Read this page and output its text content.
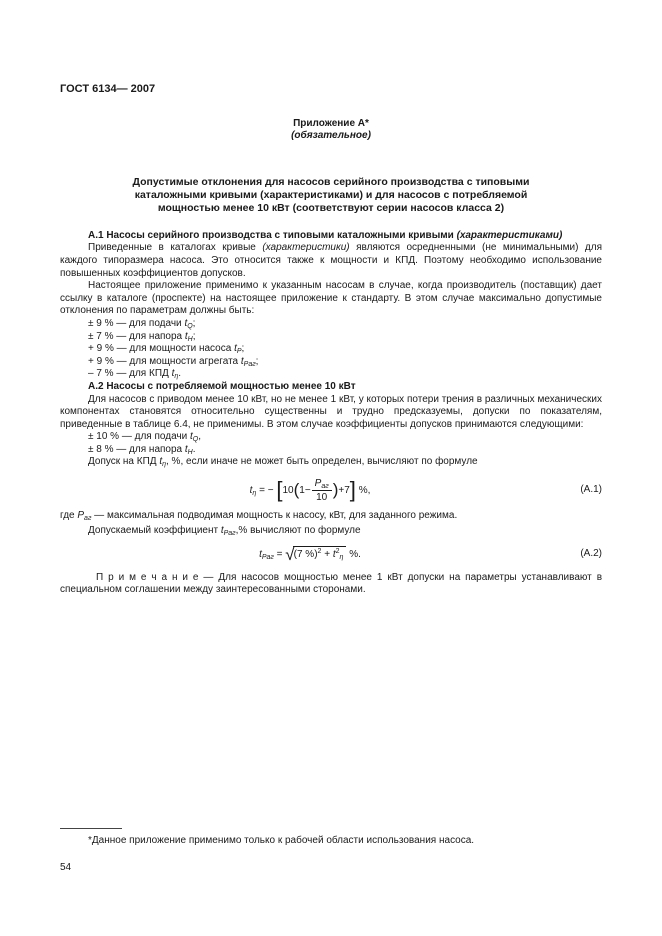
ГОСТ 6134— 2007
Приложение А*
(обязательное)
Допустимые отклонения для насосов серийного производства с типовыми
каталожными кривыми (характеристиками) и для насосов с потребляемой
мощностью менее 10 кВт (соответствуют серии насосов класса 2)
А.1 Насосы серийного производства с типовыми каталожными кривыми (характеристиками)

Приведенные в каталогах кривые (характеристики) являются осредненными (не минимальными) для каждого типоразмера насоса. Это относится также к мощности и КПД. Поэтому необходимо использование повышенных коэффициентов допусков.

Настоящее приложение применимо к указанным насосам в случае, когда производитель (поставщик) дает ссылку в каталоге (проспекте) на настоящее приложение к стандарту. В этом случае максимально допустимые отклонения по параметрам должны быть:

± 9 % — для подачи $t_Q$;
± 7 % — для напора $t_H$;
+ 9 % — для мощности насоса $t_P$;
+ 9 % — для мощности агрегата $t_{Раг}$;
– 7 % — для КПД $t_\eta$.
А.2 Насосы с потребляемой мощностью менее 10 кВт

Для насосов с приводом менее 10 кВт, но не менее 1 кВт, у которых потери трения в различных механических компонентах становятся относительно существенны и трудно предсказуемы, допуски по показателям, приведенные в таблице 6.4, не применимы. В этом случае коэффициенты допусков принимаются следующими:

± 10 % — для подачи $t_Q$,
± 8 % — для напора $t_H$.
Допуск на КПД $t_\eta$, %, если иначе не может быть определен, вычисляют по формуле
$t_\eta$ = − $[10(1- \frac{P_{аг}}{10} )+7]$ %,	(А.1)

где $P_{аг}$ — максимальная подводимая мощность к насосу, кВт, для заданного режима.

Допускаемый коэффициент $t_{Раг},\%$ вычисляют по формуле
$t_{Раг} = √(7$ $\%)^2 + t^2_\eta$ %.	(А.2)

П р и м е ч а н и е — Для насосов мощностью менее 1 кВт допуски на параметры устанавливают в специальном соглашении между заинтересованными сторонами.

*Данное приложение применимо только к рабочей области использования насоса.
54
